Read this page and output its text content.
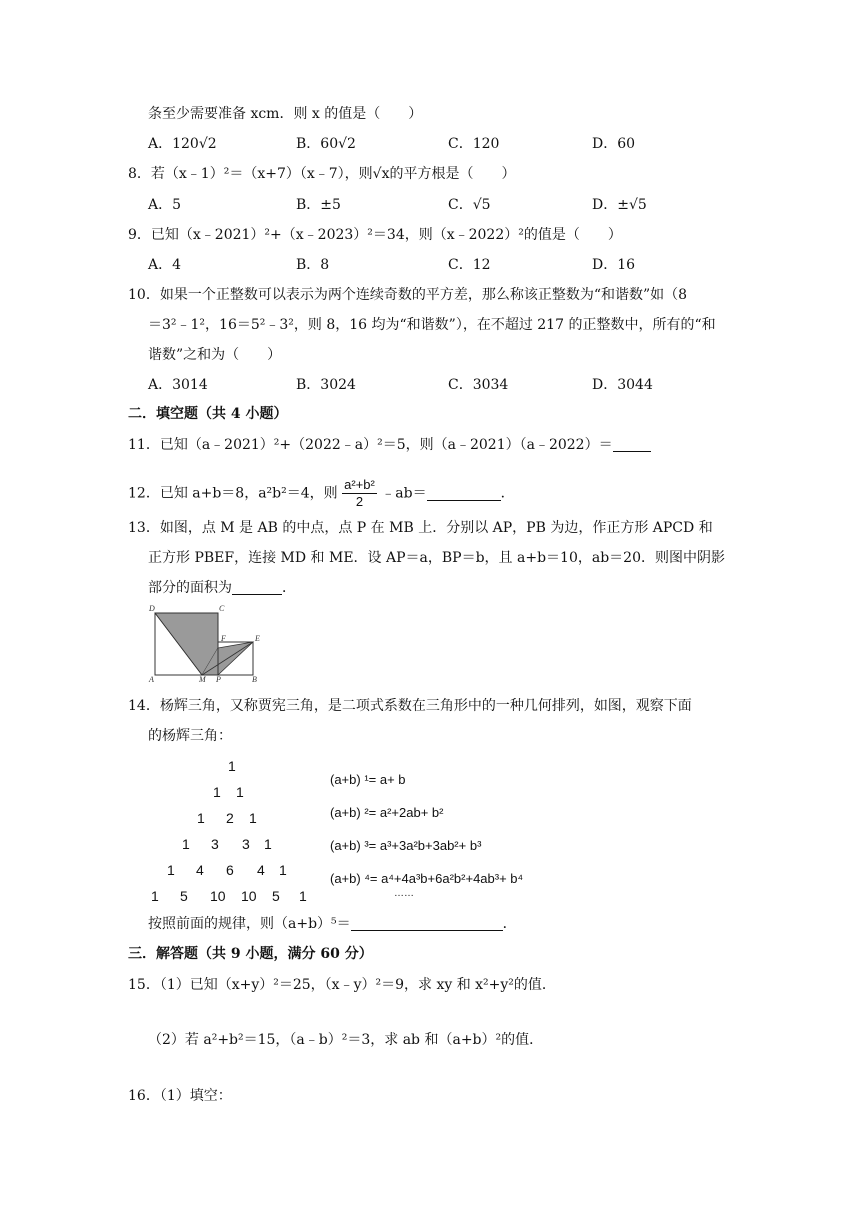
条至少需要准备 xcm．则 x 的值是（　　）
A．120√2	B．60√2	C．120	D．60
8．若（x﹣1）²＝（x+7）（x﹣7），则√x的平方根是（　　）
A．5	B．±5	C．√5	D．±√5
9．已知（x﹣2021）²+（x﹣2023）²＝34，则（x﹣2022）²的值是（　　）
A．4	B．8	C．12	D．16
10．如果一个正整数可以表示为两个连续奇数的平方差，那么称该正整数为“和谐数”如（8
＝3²﹣1²，16＝5²﹣3²，则 8，16 均为“和谐数”），在不超过 217 的正整数中，所有的“和
谐数”之和为（　　）
A．3014	B．3024	C．3034	D．3044
二．填空题（共 4 小题）
11．已知（a﹣2021）²+（2022﹣a）²＝5，则（a﹣2021）（a﹣2022）＝
12．已知 a+b＝8，a²b²＝4，则 $\frac{\text{a²+b²}}{2}$ ﹣ab＝	．
13．如图，点 M 是 AB 的中点，点 P 在 MB 上．分别以 AP，PB 为边，作正方形 APCD 和
正方形 PBEF，连接 MD 和 ME．设 AP＝a，BP＝b，且 a+b＝10，ab＝20．则图中阴影
部分的面积为	．
D	C
F	E
A	M P	B
14．杨辉三角，又称贾宪三角，是二项式系数在三角形中的一种几何排列，如图，观察下面
的杨辉三角：
1
1 1
1 2 1
1 3 3 1
1 4 6 4 1
1 5 10 10 5 1
(a+b) ¹= a+ b
(a+b) ²= a²+2ab+ b²
(a+b) ³= a³+3a²b+3ab²+ b³
(a+b) ⁴= a⁴+4a³b+6a²b²+4ab³+ b⁴
……
按照前面的规律，则（a+b）⁵＝	．
三．解答题（共 9 小题，满分 60 分）
15．（1）已知（x+y）²＝25，（x﹣y）²＝9，求 xy 和 x²+y²的值．
（2）若 a²+b²＝15，（a﹣b）²＝3，求 ab 和（a+b）²的值．
16．（1）填空：
